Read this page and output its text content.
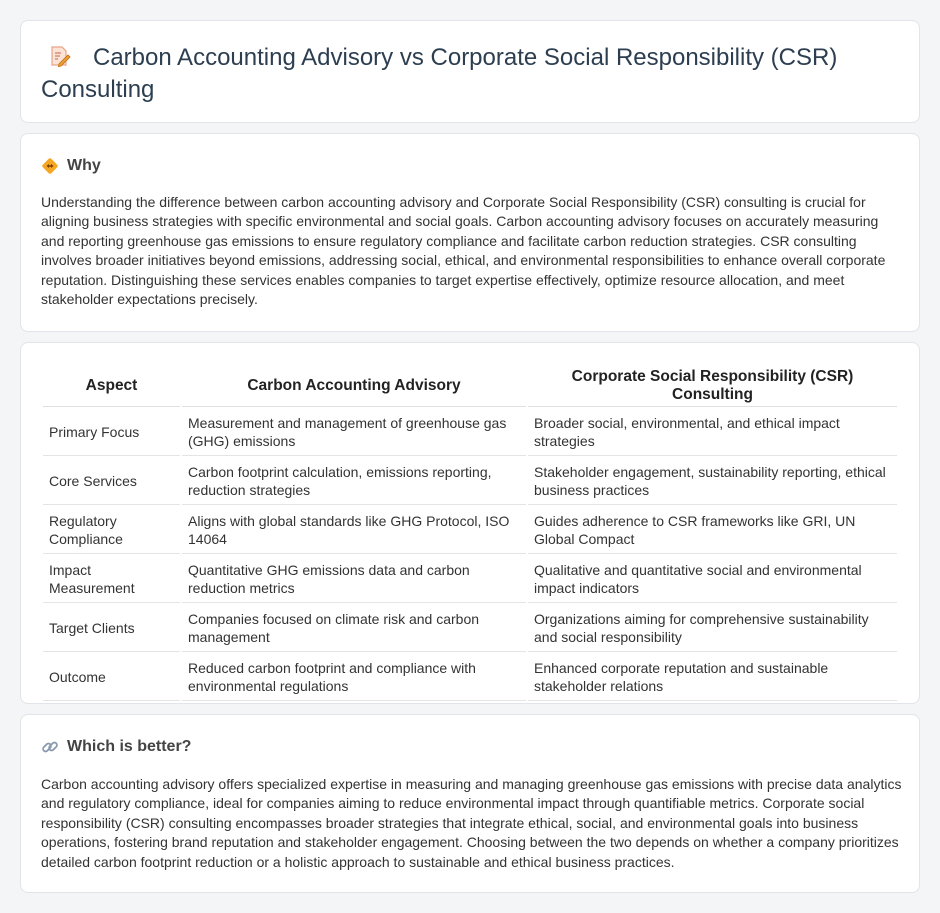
Carbon Accounting Advisory vs Corporate Social Responsibility (CSR) Consulting
Why

Understanding the difference between carbon accounting advisory and Corporate Social Responsibility (CSR) consulting is crucial for aligning business strategies with specific environmental and social goals. Carbon accounting advisory focuses on accurately measuring and reporting greenhouse gas emissions to ensure regulatory compliance and facilitate carbon reduction strategies. CSR consulting involves broader initiatives beyond emissions, addressing social, ethical, and environmental responsibilities to enhance overall corporate reputation. Distinguishing these services enables companies to target expertise effectively, optimize resource allocation, and meet stakeholder expectations precisely.

Aspect	Carbon Accounting Advisory	Corporate Social Responsibility (CSR) Consulting
Primary Focus	Measurement and management of greenhouse gas (GHG) emissions	Broader social, environmental, and ethical impact strategies
Core Services	Carbon footprint calculation, emissions reporting, reduction strategies	Stakeholder engagement, sustainability reporting, ethical business practices
Regulatory Compliance	Aligns with global standards like GHG Protocol, ISO 14064	Guides adherence to CSR frameworks like GRI, UN Global Compact
Impact Measurement	Quantitative GHG emissions data and carbon reduction metrics	Qualitative and quantitative social and environmental impact indicators
Target Clients	Companies focused on climate risk and carbon management	Organizations aiming for comprehensive sustainability and social responsibility
Outcome	Reduced carbon footprint and compliance with environmental regulations	Enhanced corporate reputation and sustainable stakeholder relations
Which is better?

Carbon accounting advisory offers specialized expertise in measuring and managing greenhouse gas emissions with precise data analytics and regulatory compliance, ideal for companies aiming to reduce environmental impact through quantifiable metrics. Corporate social responsibility (CSR) consulting encompasses broader strategies that integrate ethical, social, and environmental goals into business operations, fostering brand reputation and stakeholder engagement. Choosing between the two depends on whether a company prioritizes detailed carbon footprint reduction or a holistic approach to sustainable and ethical business practices.
